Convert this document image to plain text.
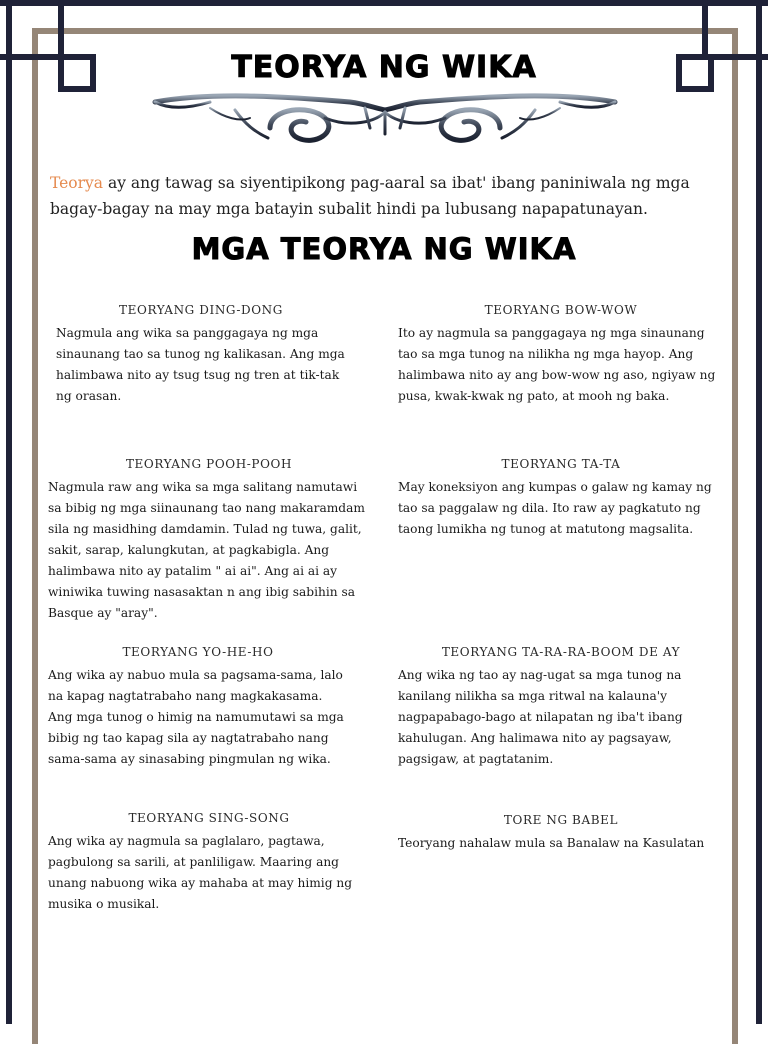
TEORYA NG WIKA
Teorya ay ang tawag sa siyentipikong pag-aaral sa ibat' ibang paniniwala ng mga bagay-bagay na may mga batayin subalit hindi pa lubusang napapatunayan.
MGA TEORYA NG WIKA
TEORYANG DING-DONG

Nagmula ang wika sa panggagaya ng mga sinaunang tao sa tunog ng kalikasan. Ang mga halimbawa nito ay tsug tsug ng tren at tik-tak ng orasan.

TEORYANG BOW-WOW

Ito ay nagmula sa panggagaya ng mga sinaunang tao sa mga tunog na nilikha ng mga hayop. Ang halimbawa nito ay ang bow-wow ng aso, ngiyaw ng pusa, kwak-kwak ng pato, at mooh ng baka.

TEORYANG POOH-POOH

Nagmula raw ang wika sa mga salitang namutawi sa bibig ng mga siinaunang tao nang makaramdam sila ng masidhing damdamin. Tulad ng tuwa, galit, sakit, sarap, kalungkutan, at pagkabigla. Ang halimbawa nito ay patalim " ai ai". Ang ai ai ay winiwika tuwing nasasaktan n ang ibig sabihin sa Basque ay "aray".

TEORYANG TA-TA

May koneksiyon ang kumpas o galaw ng kamay ng tao sa paggalaw ng dila. Ito raw ay pagkatuto ng taong lumikha ng tunog at matutong magsalita.

TEORYANG YO-HE-HO

Ang wika ay nabuo mula sa pagsama-sama, lalo na kapag nagtatrabaho nang magkakasama. Ang mga tunog o himig na namumutawi sa mga bibig ng tao kapag sila ay nagtatrabaho nang sama-sama ay sinasabing pingmulan ng wika.

TEORYANG TA-RA-RA-BOOM DE AY

Ang wika ng tao ay nag-ugat sa mga tunog na kanilang nilikha sa mga ritwal na kalauna'y nagpapabago-bago at nilapatan ng iba't ibang kahulugan. Ang halimawa nito ay pagsayaw, pagsigaw, at pagtatanim.

TEORYANG SING-SONG

Ang wika ay nagmula sa paglalaro, pagtawa, pagbulong sa sarili, at panliligaw. Maaring ang unang nabuong wika ay mahaba at may himig ng musika o musikal.

TORE NG BABEL

Teoryang nahalaw mula sa Banalaw na Kasulatan
